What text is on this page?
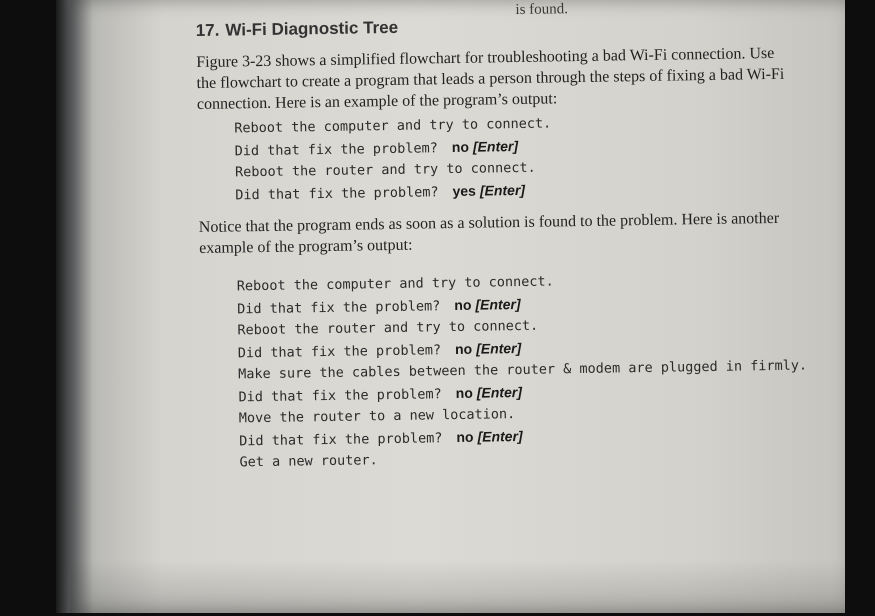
is found.
17. Wi-Fi Diagnostic Tree
Figure 3-23 shows a simplified flowchart for troubleshooting a bad Wi-Fi connection. Use the flowchart to create a program that leads a person through the steps of fixing a bad Wi-Fi connection. Here is an example of the program’s output:
Reboot the computer and try to connect.
Did that fix the problem? no [Enter]
Reboot the router and try to connect.
Did that fix the problem? yes [Enter]
Notice that the program ends as soon as a solution is found to the problem. Here is another example of the program’s output:
Reboot the computer and try to connect.
Did that fix the problem? no [Enter]
Reboot the router and try to connect.
Did that fix the problem? no [Enter]
Make sure the cables between the router & modem are plugged in firmly.
Did that fix the problem? no [Enter]
Move the router to a new location.
Did that fix the problem? no [Enter]
Get a new router.
